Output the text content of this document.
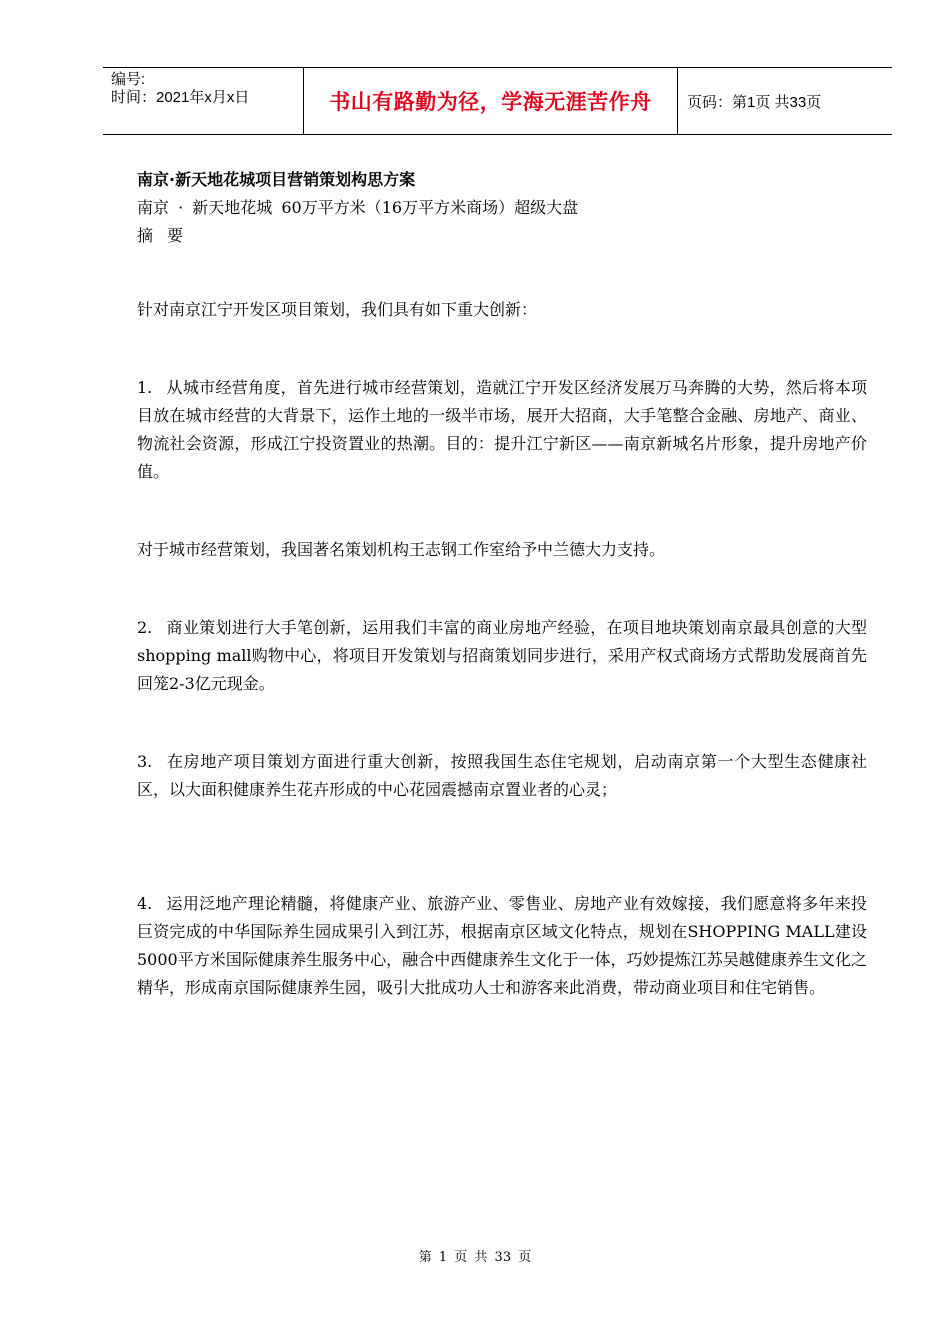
编号:
时间：2021年x月x日	书山有路勤为径，学海无涯苦作舟 页码：第1页 共33页
南京·新天地花城项目营销策划构思方案

南京 · 新天地花城 60万平方米（16万平方米商场）超级大盘

摘要

针对南京江宁开发区项目策划，我们具有如下重大创新：

1. 从城市经营角度，首先进行城市经营策划，造就江宁开发区经济发展万马奔腾的大势，然后将本项目放在城市经营的大背景下，运作土地的一级半市场，展开大招商，大手笔整合金融、房地产、商业、物流社会资源，形成江宁投资置业的热潮。目的：提升江宁新区——南京新城名片形象，提升房地产价值。

对于城市经营策划，我国著名策划机构王志钢工作室给予中兰德大力支持。

2. 商业策划进行大手笔创新，运用我们丰富的商业房地产经验，在项目地块策划南京最具创意的大型shopping mall购物中心，将项目开发策划与招商策划同步进行，采用产权式商场方式帮助发展商首先回笼2-3亿元现金。

3. 在房地产项目策划方面进行重大创新，按照我国生态住宅规划，启动南京第一个大型生态健康社区，以大面积健康养生花卉形成的中心花园震撼南京置业者的心灵；

4. 运用泛地产理论精髓，将健康产业、旅游产业、零售业、房地产业有效嫁接，我们愿意将多年来投巨资完成的中华国际养生园成果引入到江苏，根据南京区域文化特点，规划在SHOPPING MALL建设5000平方米国际健康养生服务中心，融合中西健康养生文化于一体，巧妙提炼江苏吴越健康养生文化之精华，形成南京国际健康养生园，吸引大批成功人士和游客来此消费，带动商业项目和住宅销售。

第 1 页 共 33 页
